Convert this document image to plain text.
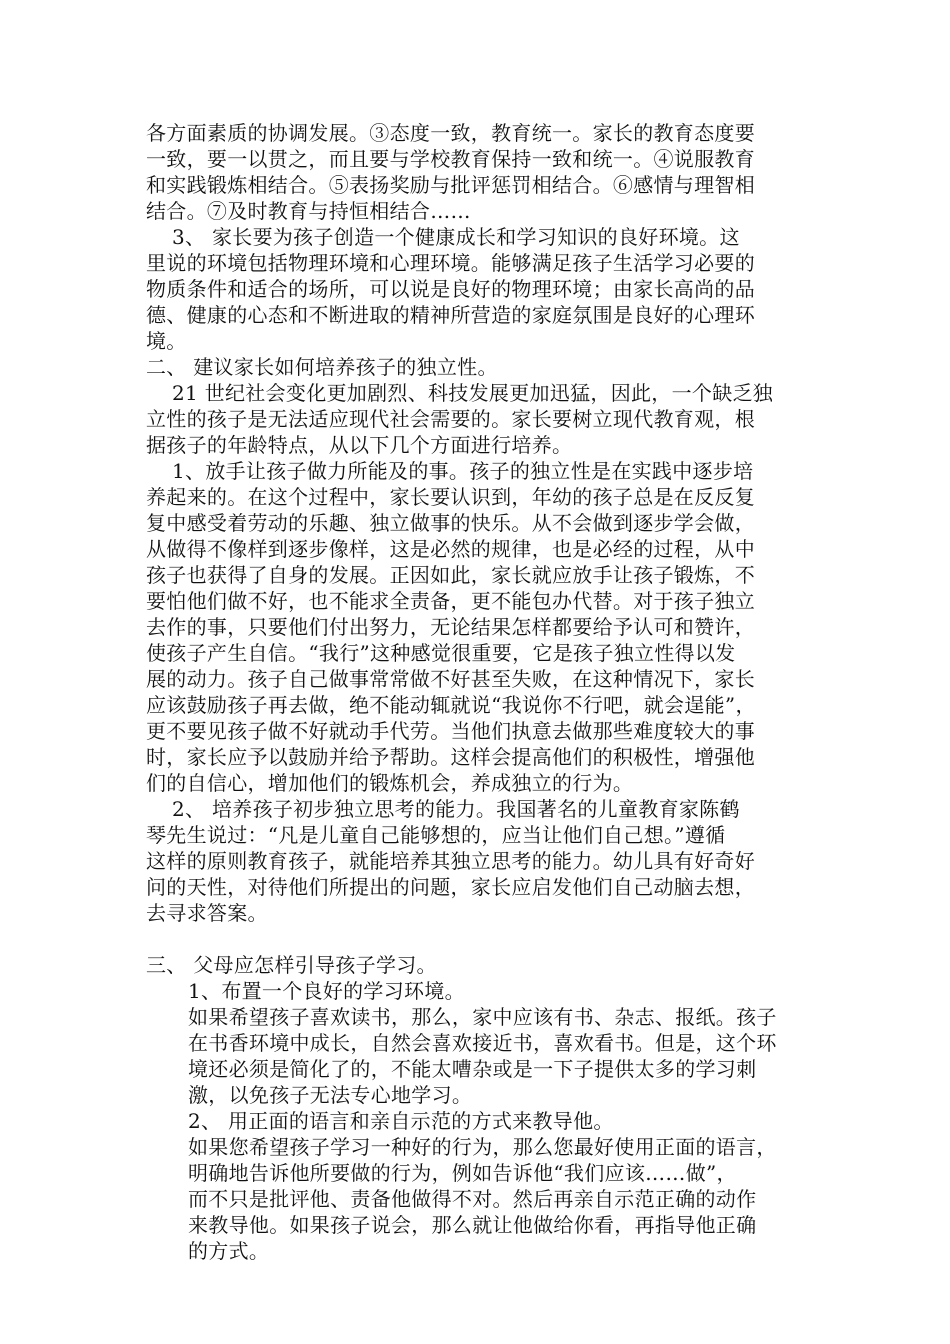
各方面素质的协调发展。③态度一致，教育统一。家长的教育态度要
一致，要一以贯之，而且要与学校教育保持一致和统一。④说服教育
和实践锻炼相结合。⑤表扬奖励与批评惩罚相结合。⑥感情与理智相
结合。⑦及时教育与持恒相结合……
3、 家长要为孩子创造一个健康成长和学习知识的良好环境。这
里说的环境包括物理环境和心理环境。能够满足孩子生活学习必要的
物质条件和适合的场所，可以说是良好的物理环境；由家长高尚的品
德、健康的心态和不断进取的精神所营造的家庭氛围是良好的心理环
境。
二、 建议家长如何培养孩子的独立性。
21 世纪社会变化更加剧烈、科技发展更加迅猛，因此，一个缺乏独
立性的孩子是无法适应现代社会需要的。家长要树立现代教育观，根
据孩子的年龄特点，从以下几个方面进行培养。
1、放手让孩子做力所能及的事。孩子的独立性是在实践中逐步培
养起来的。在这个过程中，家长要认识到，年幼的孩子总是在反反复
复中感受着劳动的乐趣、独立做事的快乐。从不会做到逐步学会做，
从做得不像样到逐步像样，这是必然的规律，也是必经的过程，从中
孩子也获得了自身的发展。正因如此，家长就应放手让孩子锻炼，不
要怕他们做不好，也不能求全责备，更不能包办代替。对于孩子独立
去作的事，只要他们付出努力，无论结果怎样都要给予认可和赞许，
使孩子产生自信。“我行”这种感觉很重要，它是孩子独立性得以发
展的动力。孩子自己做事常常做不好甚至失败，在这种情况下，家长
应该鼓励孩子再去做，绝不能动辄就说“我说你不行吧，就会逞能”，
更不要见孩子做不好就动手代劳。当他们执意去做那些难度较大的事
时，家长应予以鼓励并给予帮助。这样会提高他们的积极性，增强他
们的自信心，增加他们的锻炼机会，养成独立的行为。
2、 培养孩子初步独立思考的能力。我国著名的儿童教育家陈鹤
琴先生说过：“凡是儿童自己能够想的，应当让他们自己想。”遵循
这样的原则教育孩子，就能培养其独立思考的能力。幼儿具有好奇好
问的天性，对待他们所提出的问题，家长应启发他们自己动脑去想，
去寻求答案。
三、 父母应怎样引导孩子学习。
1、布置一个良好的学习环境。
如果希望孩子喜欢读书，那么，家中应该有书、杂志、报纸。孩子
在书香环境中成长，自然会喜欢接近书，喜欢看书。但是，这个环
境还必须是简化了的，不能太嘈杂或是一下子提供太多的学习刺
激，以免孩子无法专心地学习。
2、 用正面的语言和亲自示范的方式来教导他。
如果您希望孩子学习一种好的行为，那么您最好使用正面的语言，
明确地告诉他所要做的行为，例如告诉他“我们应该……做”，
而不只是批评他、责备他做得不对。然后再亲自示范正确的动作
来教导他。如果孩子说会，那么就让他做给你看，再指导他正确
的方式。
